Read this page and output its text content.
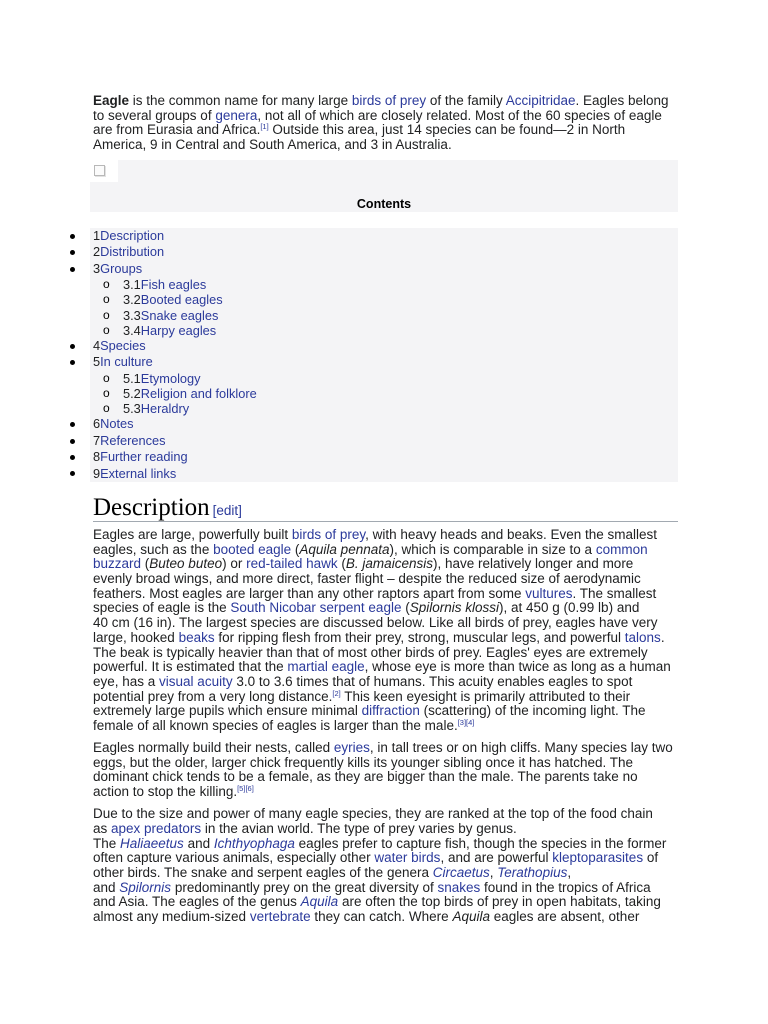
Eagle is the common name for many large birds of prey of the family Accipitridae. Eagles belong
to several groups of genera, not all of which are closely related. Most of the 60 species of eagle
are from Eurasia and Africa.[1] Outside this area, just 14 species can be found—2 in North
America, 9 in Central and South America, and 3 in Australia.
Contents
1Description
2Distribution
3Groups
o 3.1Fish eagles
o 3.2Booted eagles
o 3.3Snake eagles
o 3.4Harpy eagles
4Species
5In culture
o 5.1Etymology
o 5.2Religion and folklore
o 5.3Heraldry
6Notes
7References
8Further reading
9External links
Description [edit]
Eagles are large, powerfully built birds of prey, with heavy heads and beaks. Even the smallest
eagles, such as the booted eagle (Aquila pennata), which is comparable in size to a common
buzzard (Buteo buteo) or red-tailed hawk (B. jamaicensis), have relatively longer and more
evenly broad wings, and more direct, faster flight – despite the reduced size of aerodynamic
feathers. Most eagles are larger than any other raptors apart from some vultures. The smallest
species of eagle is the South Nicobar serpent eagle (Spilornis klossi), at 450 g (0.99 lb) and
40 cm (16 in). The largest species are discussed below. Like all birds of prey, eagles have very
large, hooked beaks for ripping flesh from their prey, strong, muscular legs, and powerful talons.
The beak is typically heavier than that of most other birds of prey. Eagles' eyes are extremely
powerful. It is estimated that the martial eagle, whose eye is more than twice as long as a human
eye, has a visual acuity 3.0 to 3.6 times that of humans. This acuity enables eagles to spot
potential prey from a very long distance.[2] This keen eyesight is primarily attributed to their
extremely large pupils which ensure minimal diffraction (scattering) of the incoming light. The
female of all known species of eagles is larger than the male.[3][4]
Eagles normally build their nests, called eyries, in tall trees or on high cliffs. Many species lay two
eggs, but the older, larger chick frequently kills its younger sibling once it has hatched. The
dominant chick tends to be a female, as they are bigger than the male. The parents take no
action to stop the killing.[5][6]
Due to the size and power of many eagle species, they are ranked at the top of the food chain
as apex predators in the avian world. The type of prey varies by genus.
The Haliaeetus and Ichthyophaga eagles prefer to capture fish, though the species in the former
often capture various animals, especially other water birds, and are powerful kleptoparasites of
other birds. The snake and serpent eagles of the genera Circaetus, Terathopius,
and Spilornis predominantly prey on the great diversity of snakes found in the tropics of Africa
and Asia. The eagles of the genus Aquila are often the top birds of prey in open habitats, taking
almost any medium-sized vertebrate they can catch. Where Aquila eagles are absent, other
